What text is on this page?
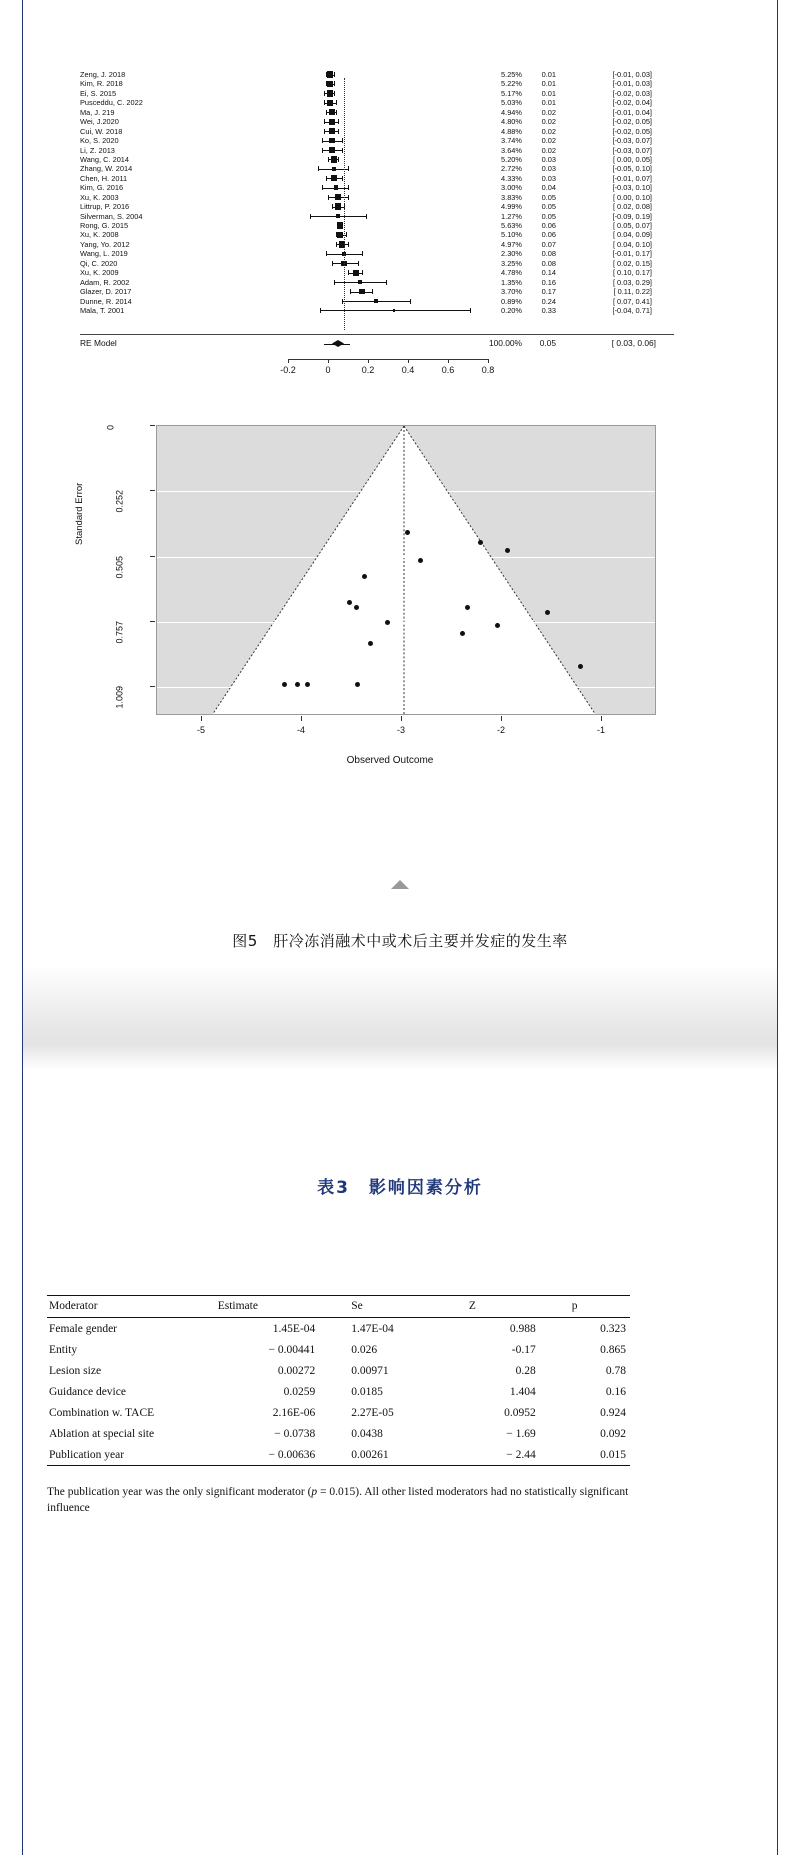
Zeng, J. 2018	5.25%	0.01	[-0.01, 0.03]
Kim, R. 2018	5.22%	0.01	[-0.01, 0.03]
Ei, S. 2015	5.17%	0.01	[-0.02, 0.03]
Pusceddu, C. 2022	5.03%	0.01	[-0.02, 0.04]
Ma, J. 219	4.94%	0.02	[-0.01, 0.04]
Wei, J.2020	4.80%	0.02	[-0.02, 0.05]
Cui, W. 2018	4.88%	0.02	[-0.02, 0.05]
Ko, S. 2020	3.74%	0.02	[-0.03, 0.07]
Li, Z. 2013	3.64%	0.02	[-0.03, 0.07]
Wang, C. 2014	5.20%	0.03	[ 0.00, 0.05]
Zhang, W. 2014	2.72%	0.03	[-0.05, 0.10]
Chen, H. 2011	4.33%	0.03	[-0.01, 0.07]
Kim, G. 2016	3.00%	0.04	[-0.03, 0.10]
Xu, K. 2003	3.83%	0.05	[ 0.00, 0.10]
Littrup, P. 2016	4.99%	0.05	[ 0.02, 0.08]
Silverman, S. 2004	1.27%	0.05	[-0.09, 0.19]
Rong, G. 2015	5.63%	0.06	[ 0.05, 0.07]
Xu, K. 2008	5.10%	0.06	[ 0.04, 0.09]
Yang, Yo. 2012	4.97%	0.07	[ 0.04, 0.10]
Wang, L. 2019	2.30%	0.08	[-0.01, 0.17]
Qi, C. 2020	3.25%	0.08	[ 0.02, 0.15]
Xu, K. 2009	4.78%	0.14	[ 0.10, 0.17]
Adam, R. 2002	1.35%	0.16	[ 0.03, 0.29]
Glazer, D. 2017	3.70%	0.17	[ 0.11, 0.22]
Dunne, R. 2014	0.89%	0.24	[ 0.07, 0.41]
Mala, T. 2001	0.20%	0.33	[-0.04, 0.71]
RE Model	100.00%	0.05	[ 0.03, 0.06]
-0.2	0	0.2	0.4	0.6	0.8
Standard Error
0
0.252
0.505
0.757
1.009
-5	-4	-3	-2	-1
Observed Outcome
图5　肝冷冻消融术中或术后主要并发症的发生率
表3　影响因素分析
Moderator	Estimate	Se	Z	p
Female gender	1.45E-04	1.47E-04	0.988	0.323
Entity	− 0.00441	0.026	-0.17	0.865
Lesion size	0.00272	0.00971	0.28	0.78
Guidance device	0.0259	0.0185	1.404	0.16
Combination w. TACE	2.16E-06	2.27E-05	0.0952	0.924
Ablation at special site	− 0.0738	0.0438	− 1.69	0.092
Publication year	− 0.00636	0.00261	− 2.44	0.015
The publication year was the only significant moderator (p = 0.015). All other listed moderators had no statistically significant influence
